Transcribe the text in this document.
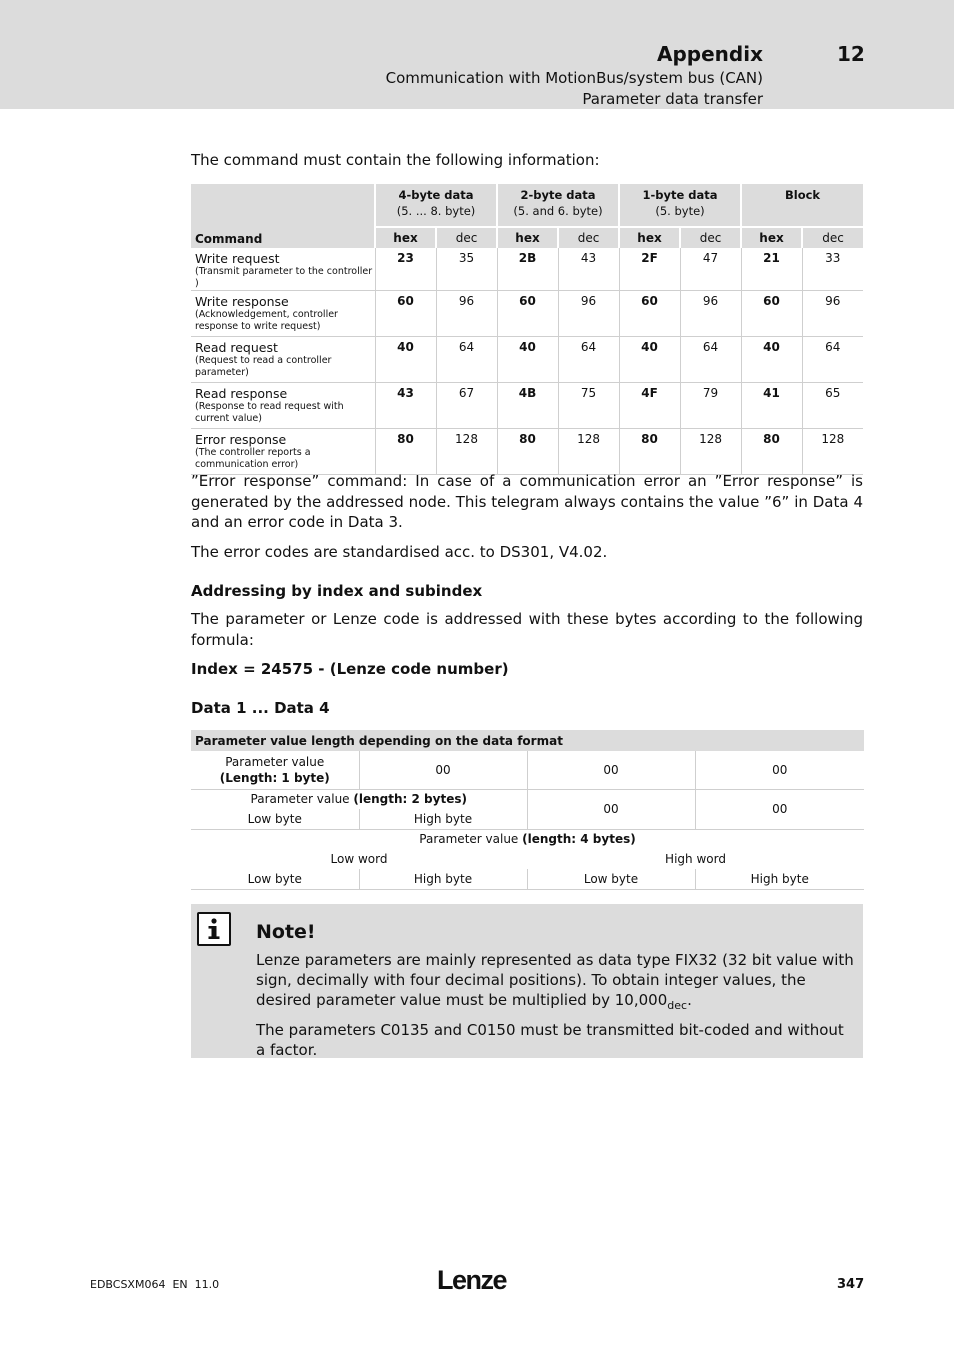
Appendix	12
Communication with MotionBus/system bus (CAN)
Parameter data transfer
The command must contain the following information:
Command	4-byte data
(5. ... 8. byte)		2-byte data
(5. and 6. byte)		1-byte data
(5. byte)		Block	

	hex	dec	hex	dec	hex	dec	hex	dec

Write request
(Transmit parameter to the controller )	23	35	2B	43	2F	47	21	33

Write response
(Acknowledgement, controller response to write request)	60	96	60	96	60	96	60	96

Read request
(Request to read a controller parameter)	40	64	40	64	40	64	40	64

Read response
(Response to read request with current value)	43	67	4B	75	4F	79	41	65

Error response
(The controller reports a communication error)	80	128	80	128	80	128	80	128
”Error response” command: In case of a communication error an ”Error response” is generated by the addressed node. This telegram always contains the value ”6” in Data 4 and an error code in Data 3.
The error codes are standardised acc. to DS301, V4.02.
Addressing by index and subindex
The parameter or Lenze code is addressed with these bytes according to the following formula:
Index = 24575 - (Lenze code number)
Data 1 ... Data 4
Parameter value length depending on the data format			
Parameter value
(Length: 1 byte)	00	00	00
Parameter value (length: 2 bytes)		00	00
Low byte	High byte		
Parameter value (length: 4 bytes)			
Low word		High word	
Low byte	High byte	Low byte	High byte
Note!

Lenze parameters are mainly represented as data type FIX32 (32 bit value with sign, decimally with four decimal positions). To obtain integer values, the desired parameter value must be multiplied by $10,000_{dec}$.

The parameters C0135 and C0150 must be transmitted bit-coded and without a factor.

EDBCSXM064  EN  11.0	Lenze	347
